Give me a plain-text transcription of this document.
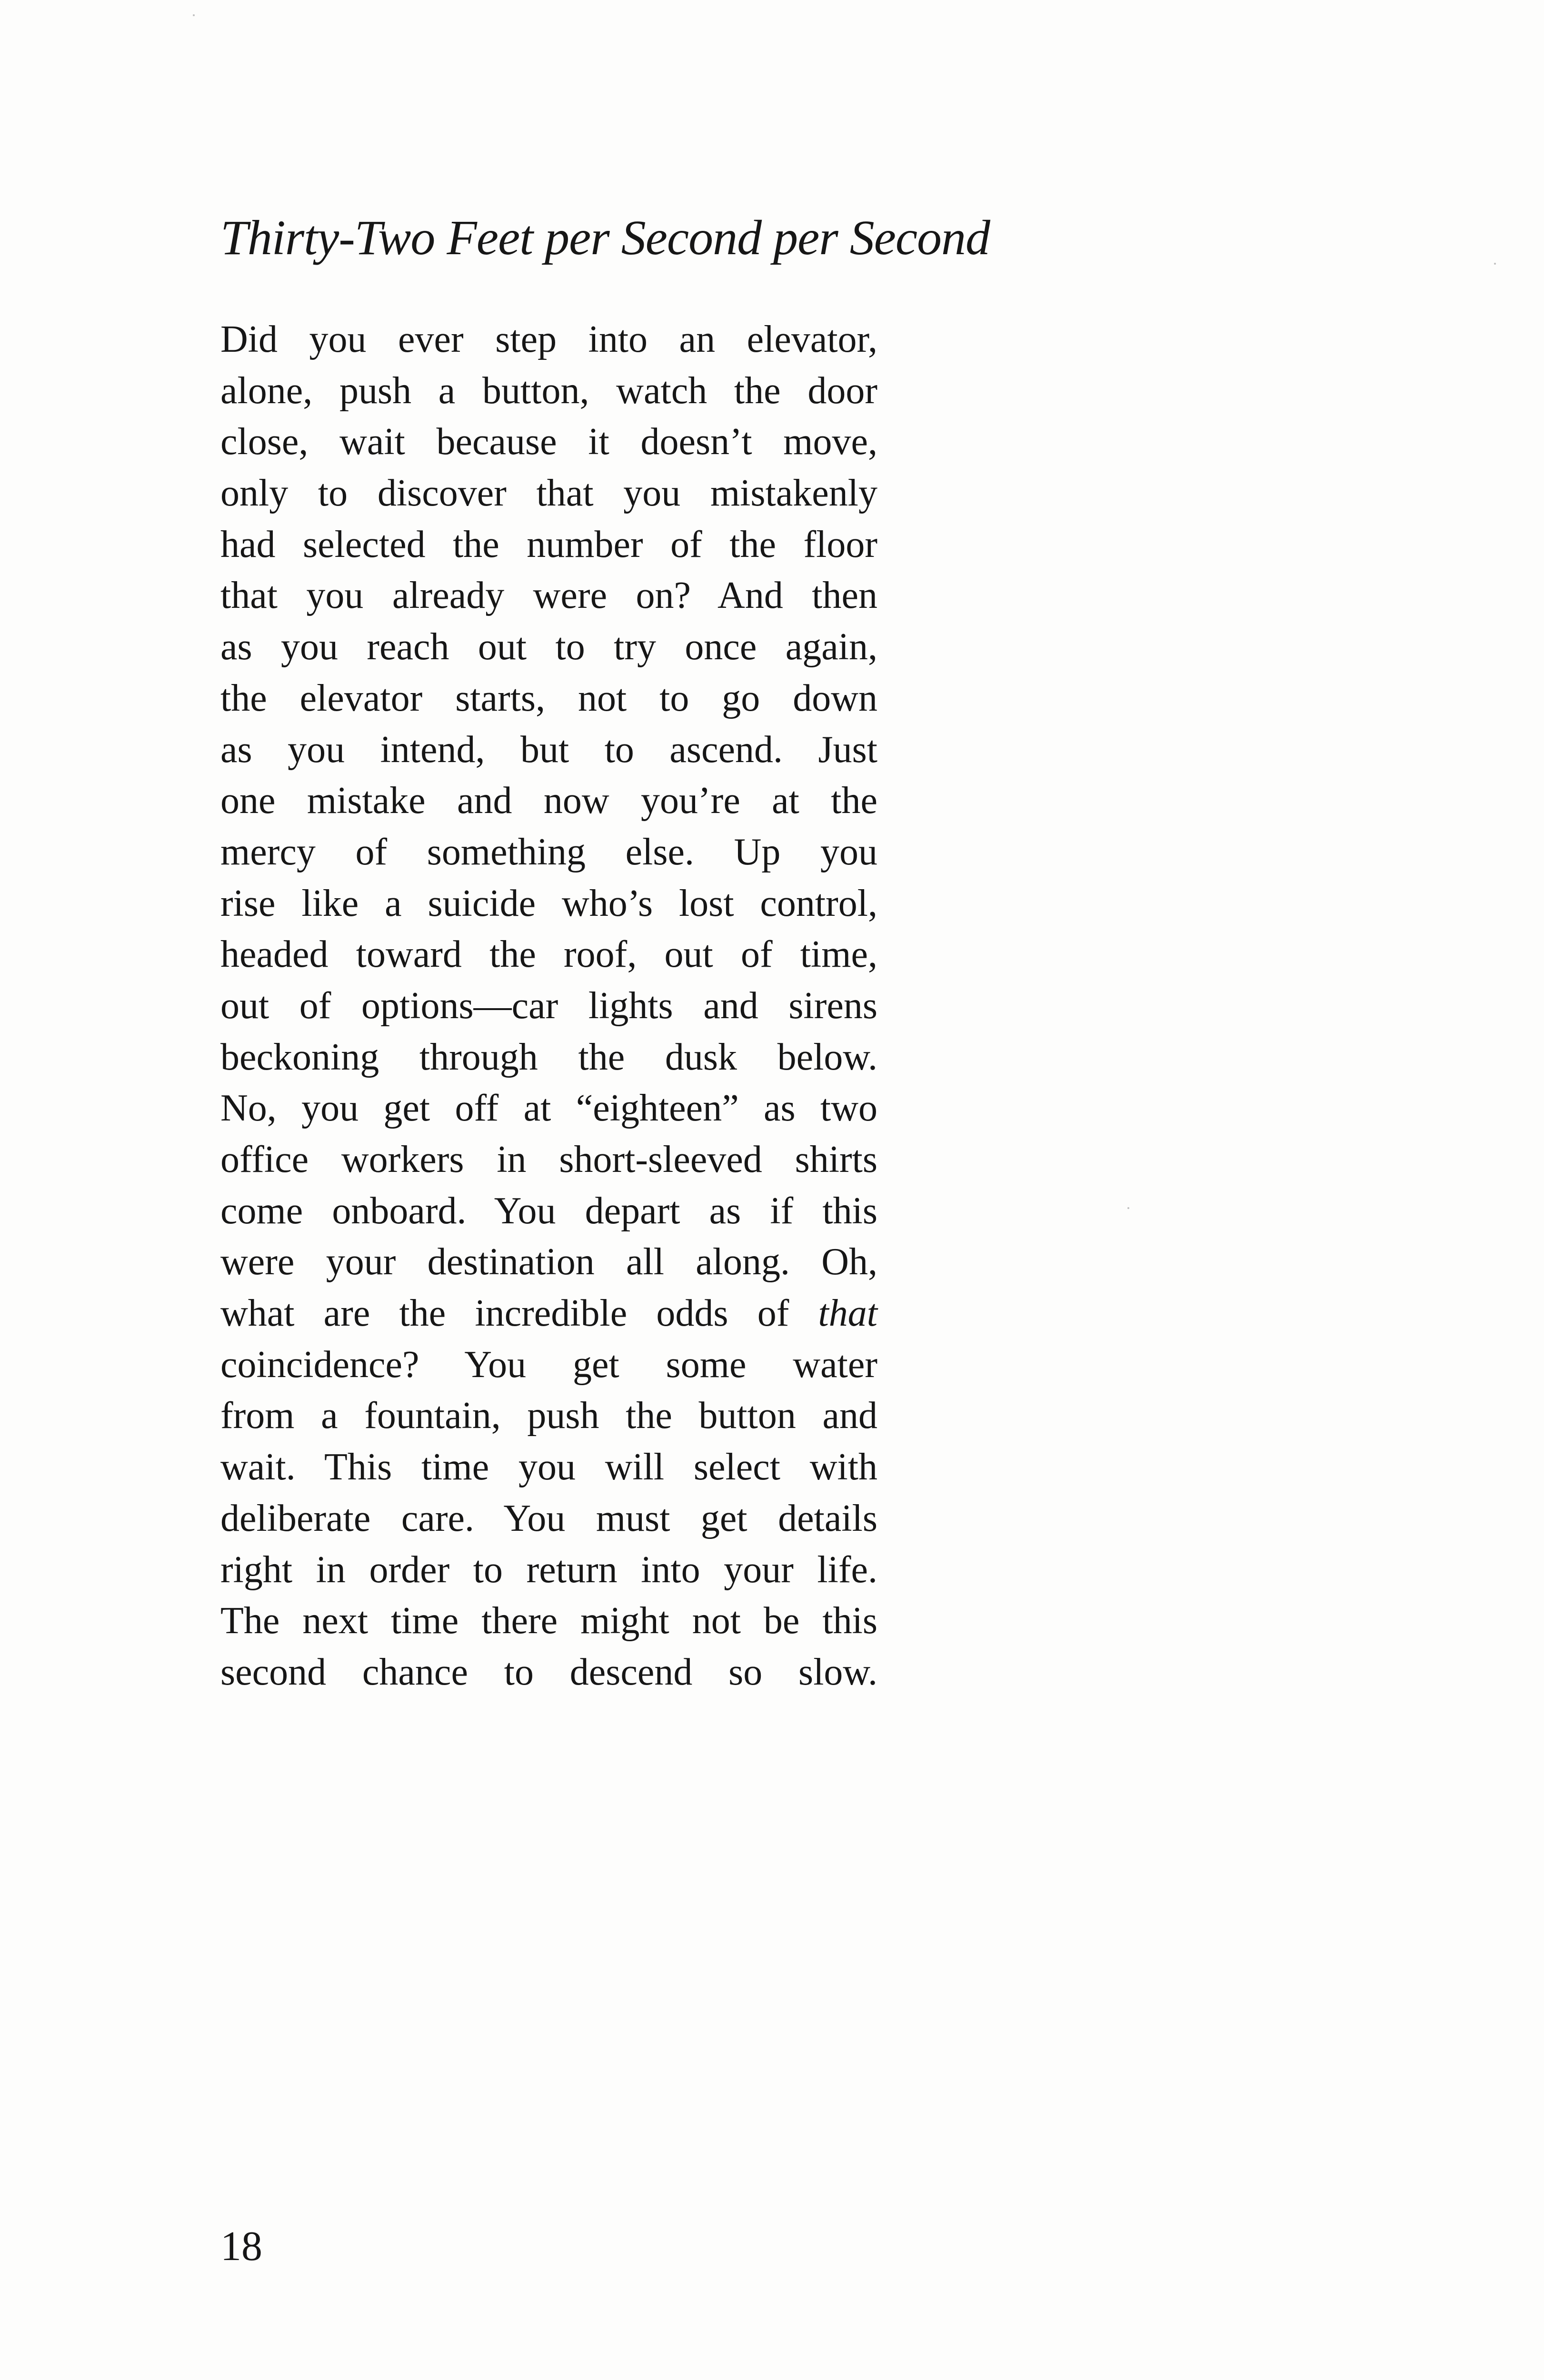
Thirty-Two Feet per Second per Second
Did you ever step into an elevator,
alone, push a button, watch the door
close, wait because it doesn’t move,
only to discover that you mistakenly
had selected the number of the floor
that you already were on? And then
as you reach out to try once again,
the elevator starts, not to go down
as you intend, but to ascend. Just
one mistake and now you’re at the
mercy of something else. Up you
rise like a suicide who’s lost control,
headed toward the roof, out of time,
out of options—car lights and sirens
beckoning through the dusk below.
No, you get off at “eighteen” as two
office workers in short-sleeved shirts
come onboard. You depart as if this
were your destination all along. Oh,
what are the incredible odds of that
coincidence? You get some water
from a fountain, push the button and
wait. This time you will select with
deliberate care. You must get details
right in order to return into your life.
The next time there might not be this
second chance to descend so slow.
18
